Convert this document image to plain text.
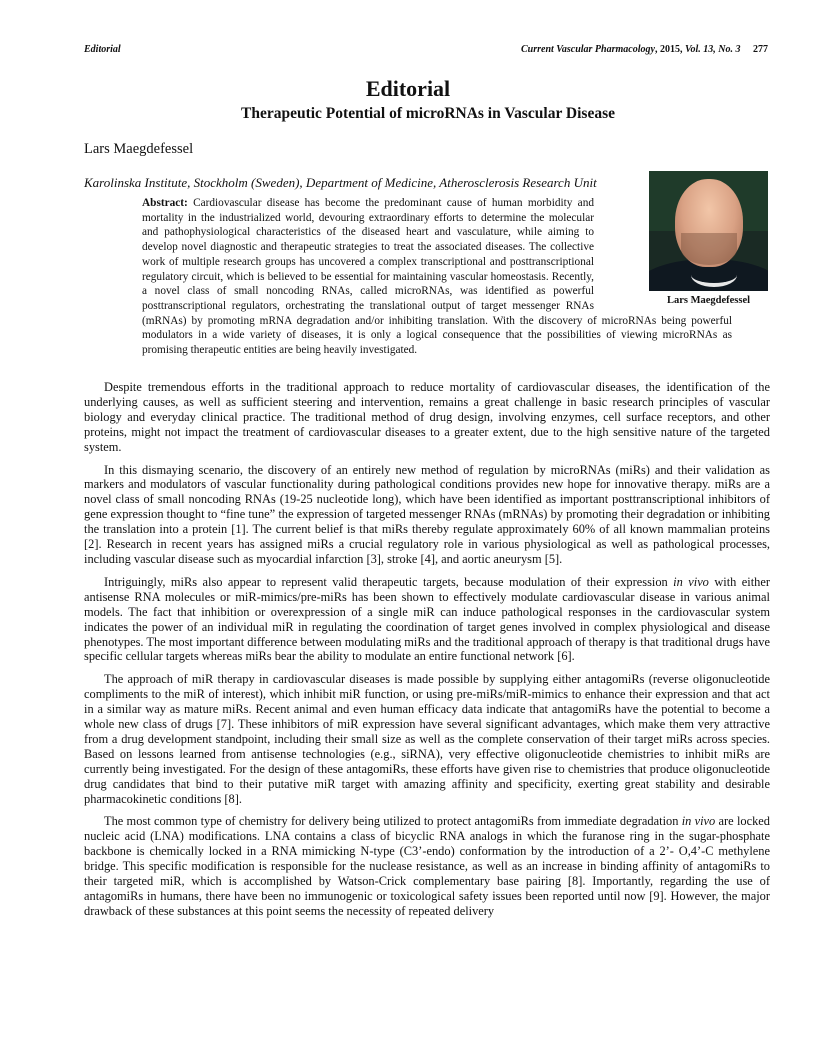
Editorial	Current Vascular Pharmacology, 2015, Vol. 13, No. 3 277
Editorial
Therapeutic Potential of microRNAs in Vascular Disease
Lars Maegdefessel
Karolinska Institute, Stockholm (Sweden), Department of Medicine, Atherosclerosis Research Unit
Lars Maegdefessel
Abstract: Cardiovascular disease has become the predominant cause of human morbidity and mortality in the industrialized world, devouring extraordinary efforts to determine the molecular and pathophysiological characteristics of the diseased heart and vasculature, while aiming to develop novel diagnostic and therapeutic strategies to treat the associated diseases. The collective work of multiple research groups has uncovered a complex transcriptional and posttranscriptional regulatory circuit, which is believed to be essential for maintaining vascular homeostasis. Recently, a novel class of small noncoding RNAs, called microRNAs, was identified as powerful posttranscriptional regulators, orchestrating the translational output of target messenger RNAs (mRNAs) by promoting mRNA degradation and/or inhibiting translation. With the discovery of microRNAs being powerful modulators in a wide variety of diseases, it is only a logical consequence that the possibilities of viewing microRNAs as promising therapeutic entities are being heavily investigated.

Despite tremendous efforts in the traditional approach to reduce mortality of cardiovascular diseases, the identification of the underlying causes, as well as sufficient steering and intervention, remains a great challenge in basic research principles of vascular biology and everyday clinical practice. The traditional method of drug design, involving enzymes, cell surface receptors, and other proteins, might not impact the treatment of cardiovascular diseases to a greater extent, due to the high sensitive nature of the targeted system.

In this dismaying scenario, the discovery of an entirely new method of regulation by microRNAs (miRs) and their validation as markers and modulators of vascular functionality during pathological conditions provides new hope for innovative therapy. miRs are a novel class of small noncoding RNAs (19-25 nucleotide long), which have been identified as important posttranscriptional inhibitors of gene expression thought to “fine tune” the expression of targeted messenger RNAs (mRNAs) by promoting their degradation or inhibiting the translation into a protein [1]. The current belief is that miRs thereby regulate approximately 60% of all known mammalian proteins [2]. Research in recent years has assigned miRs a crucial regulatory role in various physiological as well as pathological processes, including vascular disease such as myocardial infarction [3], stroke [4], and aortic aneurysm [5].

Intriguingly, miRs also appear to represent valid therapeutic targets, because modulation of their expression in vivo with either antisense RNA molecules or miR-mimics/pre-miRs has been shown to effectively modulate cardiovascular disease in various animal models. The fact that inhibition or overexpression of a single miR can induce pathological responses in the cardiovascular system indicates the power of an individual miR in regulating the coordination of target genes involved in complex physiological and disease phenotypes. The most important difference between modulating miRs and the traditional approach of therapy is that traditional drugs have specific cellular targets whereas miRs bear the ability to modulate an entire functional network [6].

The approach of miR therapy in cardiovascular diseases is made possible by supplying either antagomiRs (reverse oligonucleotide compliments to the miR of interest), which inhibit miR function, or using pre-miRs/miR-mimics to enhance their expression and that act in a similar way as mature miRs. Recent animal and even human efficacy data indicate that antagomiRs have the potential to become a whole new class of drugs [7]. These inhibitors of miR expression have several significant advantages, which make them very attractive from a drug development standpoint, including their small size as well as the complete conservation of their target miRs across species. Based on lessons learned from antisense technologies (e.g., siRNA), very effective oligonucleotide chemistries to inhibit miRs are currently being investigated. For the design of these antagomiRs, these efforts have given rise to chemistries that produce oligonucleotide drug candidates that bind to their putative miR target with amazing affinity and specificity, exerting great stability and desirable pharmacokinetic conditions [8].

The most common type of chemistry for delivery being utilized to protect antagomiRs from immediate degradation in vivo are locked nucleic acid (LNA) modifications. LNA contains a class of bicyclic RNA analogs in which the furanose ring in the sugar-phosphate backbone is chemically locked in a RNA mimicking N-type (C3’-endo) conformation by the introduction of a 2’- O,4’-C methylene bridge. This specific modification is responsible for the nuclease resistance, as well as an increase in binding affinity of antagomiRs to their targeted miR, which is accomplished by Watson-Crick complementary base pairing [8]. Importantly, regarding the use of antagomiRs in humans, there have been no immunogenic or toxicological safety issues been reported until now [9]. However, the major drawback of these substances at this point seems the necessity of repeated delivery
